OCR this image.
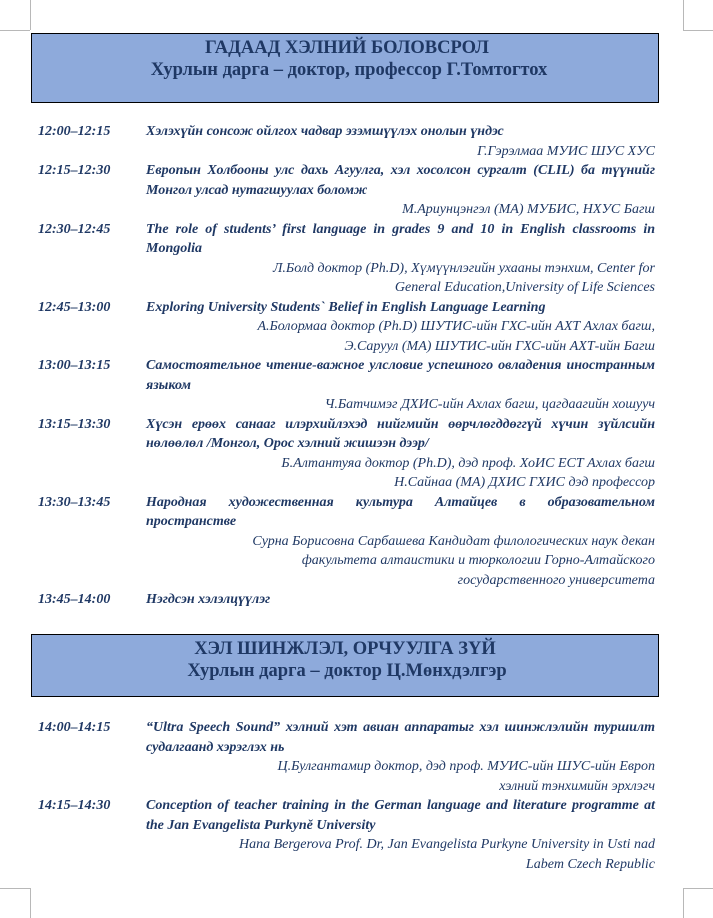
ГАДААД ХЭЛНИЙ БОЛОВСРОЛ
Хурлын дарга – доктор, профессор Г.Томтогтох
12:00–12:15	Хэлэхүйн сонсож ойлгох чадвар эзэмшүүлэх онолын үндэс
Г.Гэрэлмаа МУИС ШУС ХУС
12:15–12:30	Европын Холбооны улс дахь Агуулга, хэл хосолсон сургалт (CLIL) ба түүнийг Монгол улсад нутагшуулах боломж
М.Ариунцэнгэл (МА) МУБИС, НХУС Багш
12:30–12:45	The role of students’ first language in grades 9 and 10 in English classrooms in Mongolia
Л.Болд доктор (Ph.D), Хүмүүнлэгийн ухааны тэнхим, Center for
General Education,University of Life Sciences
12:45–13:00	Exploring University Students` Belief in English Language Learning
А.Болормаа доктор (Ph.D) ШУТИС-ийн ГХС-ийн АХТ Ахлах багш,
Э.Саруул (МА) ШУТИС-ийн ГХС-ийн АХТ-ийн Багш
13:00–13:15	Самостоятельное чтение-важное улсловие успешного овладения иностранным языком
Ч.Батчимэг ДХИС-ийн Ахлах багш, цагдаагийн хошууч
13:15–13:30	Хүсэн ерөөх санааг илэрхийлэхэд нийгмийн өөрчлөгддөггүй хүчин зүйлсийн нөлөөлөл /Монгол, Орос хэлний жишээн дээр/
Б.Алтантуяа доктор (Ph.D), дэд проф. ХоИС ЕСТ Ахлах багш
Н.Сайнаа (МА) ДХИС ГХИС дэд профессор
13:30–13:45	Народная художественная культура Алтайцев в образовательном пространстве
Сурна Борисовна Сарбашева Кандидат филологических наук декан
факультета алтаистики и тюркологии Горно-Алтайского
государственного университета
13:45–14:00	Нэгдсэн хэлэлцүүлэг
ХЭЛ ШИНЖЛЭЛ, ОРЧУУЛГА ЗҮЙ
Хурлын дарга – доктор Ц.Мөнхдэлгэр
14:00–14:15	“Ultra Speech Sound” хэлний хэт авиан аппаратыг хэл шинжлэлийн туршилт судалгаанд хэрэглэх нь
Ц.Булгантамир доктор, дэд проф. МУИС-ийн ШУС-ийн Европ
хэлний тэнхимийн эрхлэгч
14:15–14:30	Conception of teacher training in the German language and literature programme at the Jan Evangelista Purkyně University
Hana Bergerova Prof. Dr, Jan Evangelista Purkyne University in Usti nad
Labem Czech Republic
